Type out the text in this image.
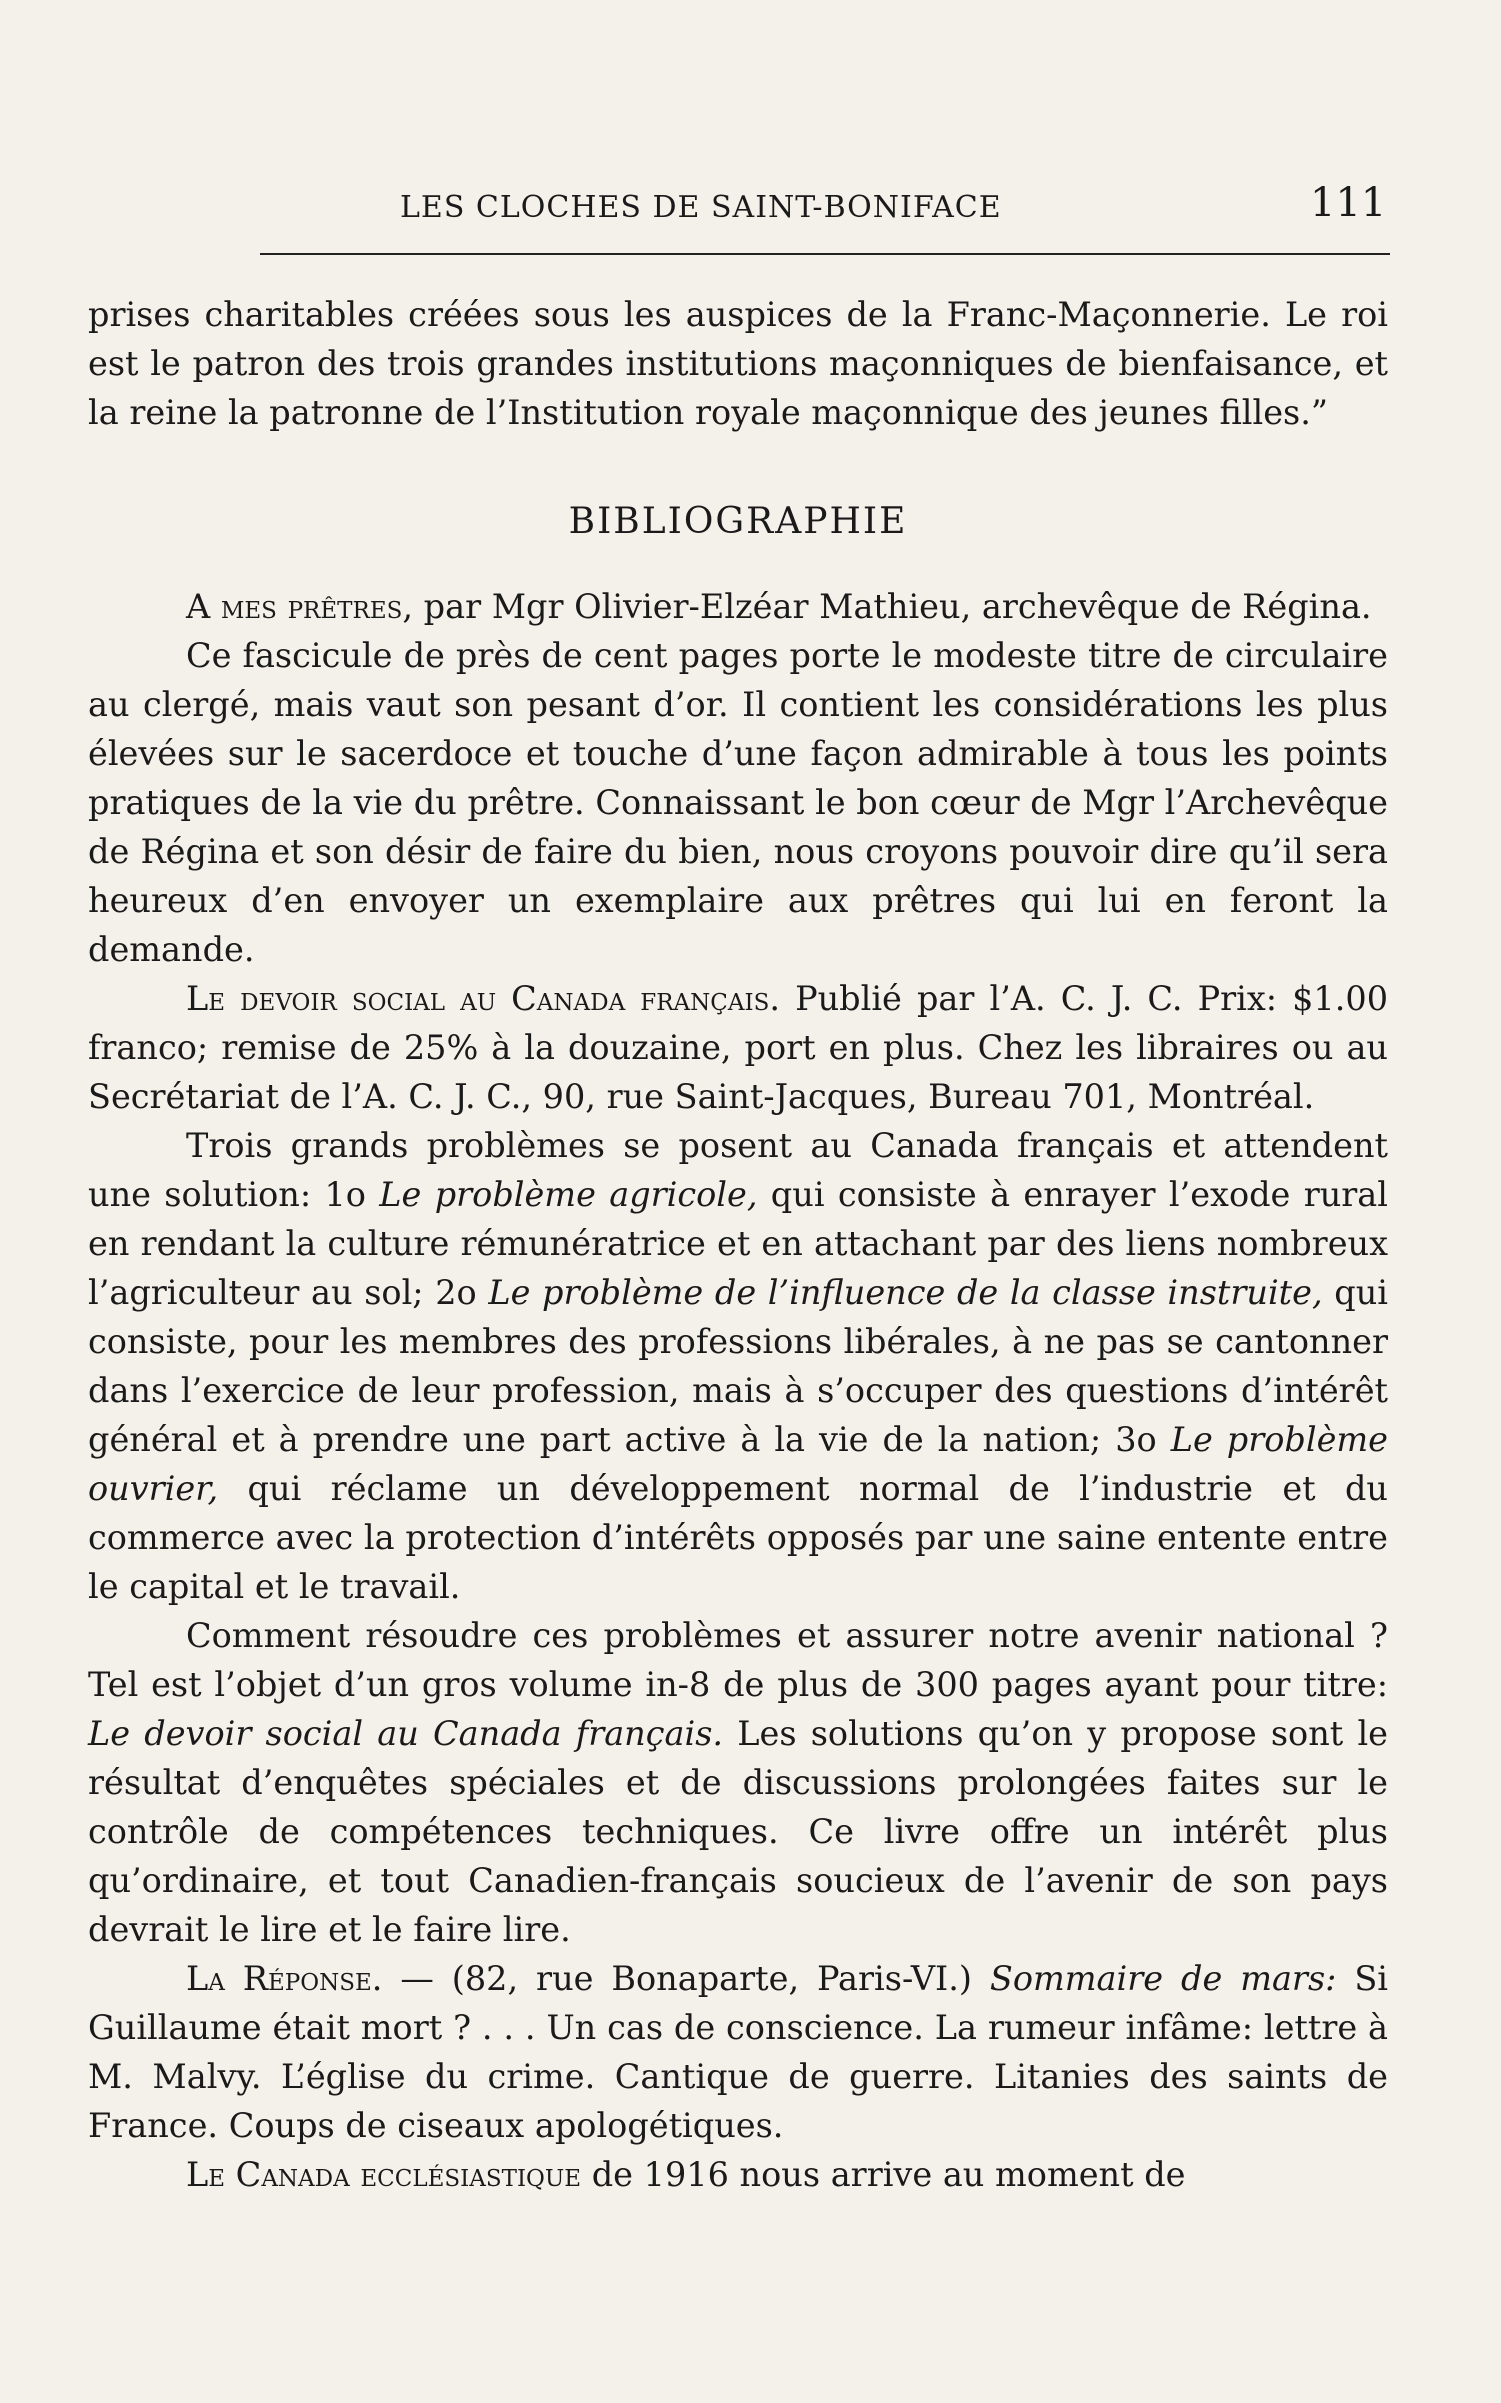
LES CLOCHES DE SAINT-BONIFACE	111

prises charitables créées sous les auspices de la Franc-Maçonnerie. Le roi est le patron des trois grandes institutions maçonniques de bienfaisance, et la reine la patronne de l’Institution royale maçonnique des jeunes filles.”

BIBLIOGRAPHIE

A mes prêtres, par Mgr Olivier-Elzéar Mathieu, archevêque de Régina.

Ce fascicule de près de cent pages porte le modeste titre de circulaire au clergé, mais vaut son pesant d’or. Il contient les considérations les plus élevées sur le sacerdoce et touche d’une façon admirable à tous les points pratiques de la vie du prêtre. Connaissant le bon cœur de Mgr l’Archevêque de Régina et son désir de faire du bien, nous croyons pouvoir dire qu’il sera heureux d’en envoyer un exemplaire aux prêtres qui lui en feront la demande.

Le devoir social au Canada français. Publié par l’A. C. J. C. Prix: $1.00 franco; remise de 25% à la douzaine, port en plus. Chez les libraires ou au Secrétariat de l’A. C. J. C., 90, rue Saint-Jacques, Bureau 701, Montréal.

Trois grands problèmes se posent au Canada français et attendent une solution: 1o Le problème agricole, qui consiste à enrayer l’exode rural en rendant la culture rémunératrice et en attachant par des liens nombreux l’agriculteur au sol; 2o Le problème de l’influence de la classe instruite, qui consiste, pour les membres des professions libérales, à ne pas se cantonner dans l’exercice de leur profession, mais à s’occuper des questions d’intérêt général et à prendre une part active à la vie de la nation; 3o Le problème ouvrier, qui réclame un développement normal de l’industrie et du commerce avec la protection d’intérêts opposés par une saine entente entre le capital et le travail.

Comment résoudre ces problèmes et assurer notre avenir national ? Tel est l’objet d’un gros volume in-8 de plus de 300 pages ayant pour titre: Le devoir social au Canada français. Les solutions qu’on y propose sont le résultat d’enquêtes spéciales et de discussions prolongées faites sur le contrôle de compétences techniques. Ce livre offre un intérêt plus qu’ordinaire, et tout Canadien-français soucieux de l’avenir de son pays devrait le lire et le faire lire.

La Réponse. — (82, rue Bonaparte, Paris-VI.) Sommaire de mars: Si Guillaume était mort ? . . . Un cas de conscience. La rumeur infâme: lettre à M. Malvy. L’église du crime. Cantique de guerre. Litanies des saints de France. Coups de ciseaux apologétiques.

Le Canada ecclésiastique de 1916 nous arrive au moment de
